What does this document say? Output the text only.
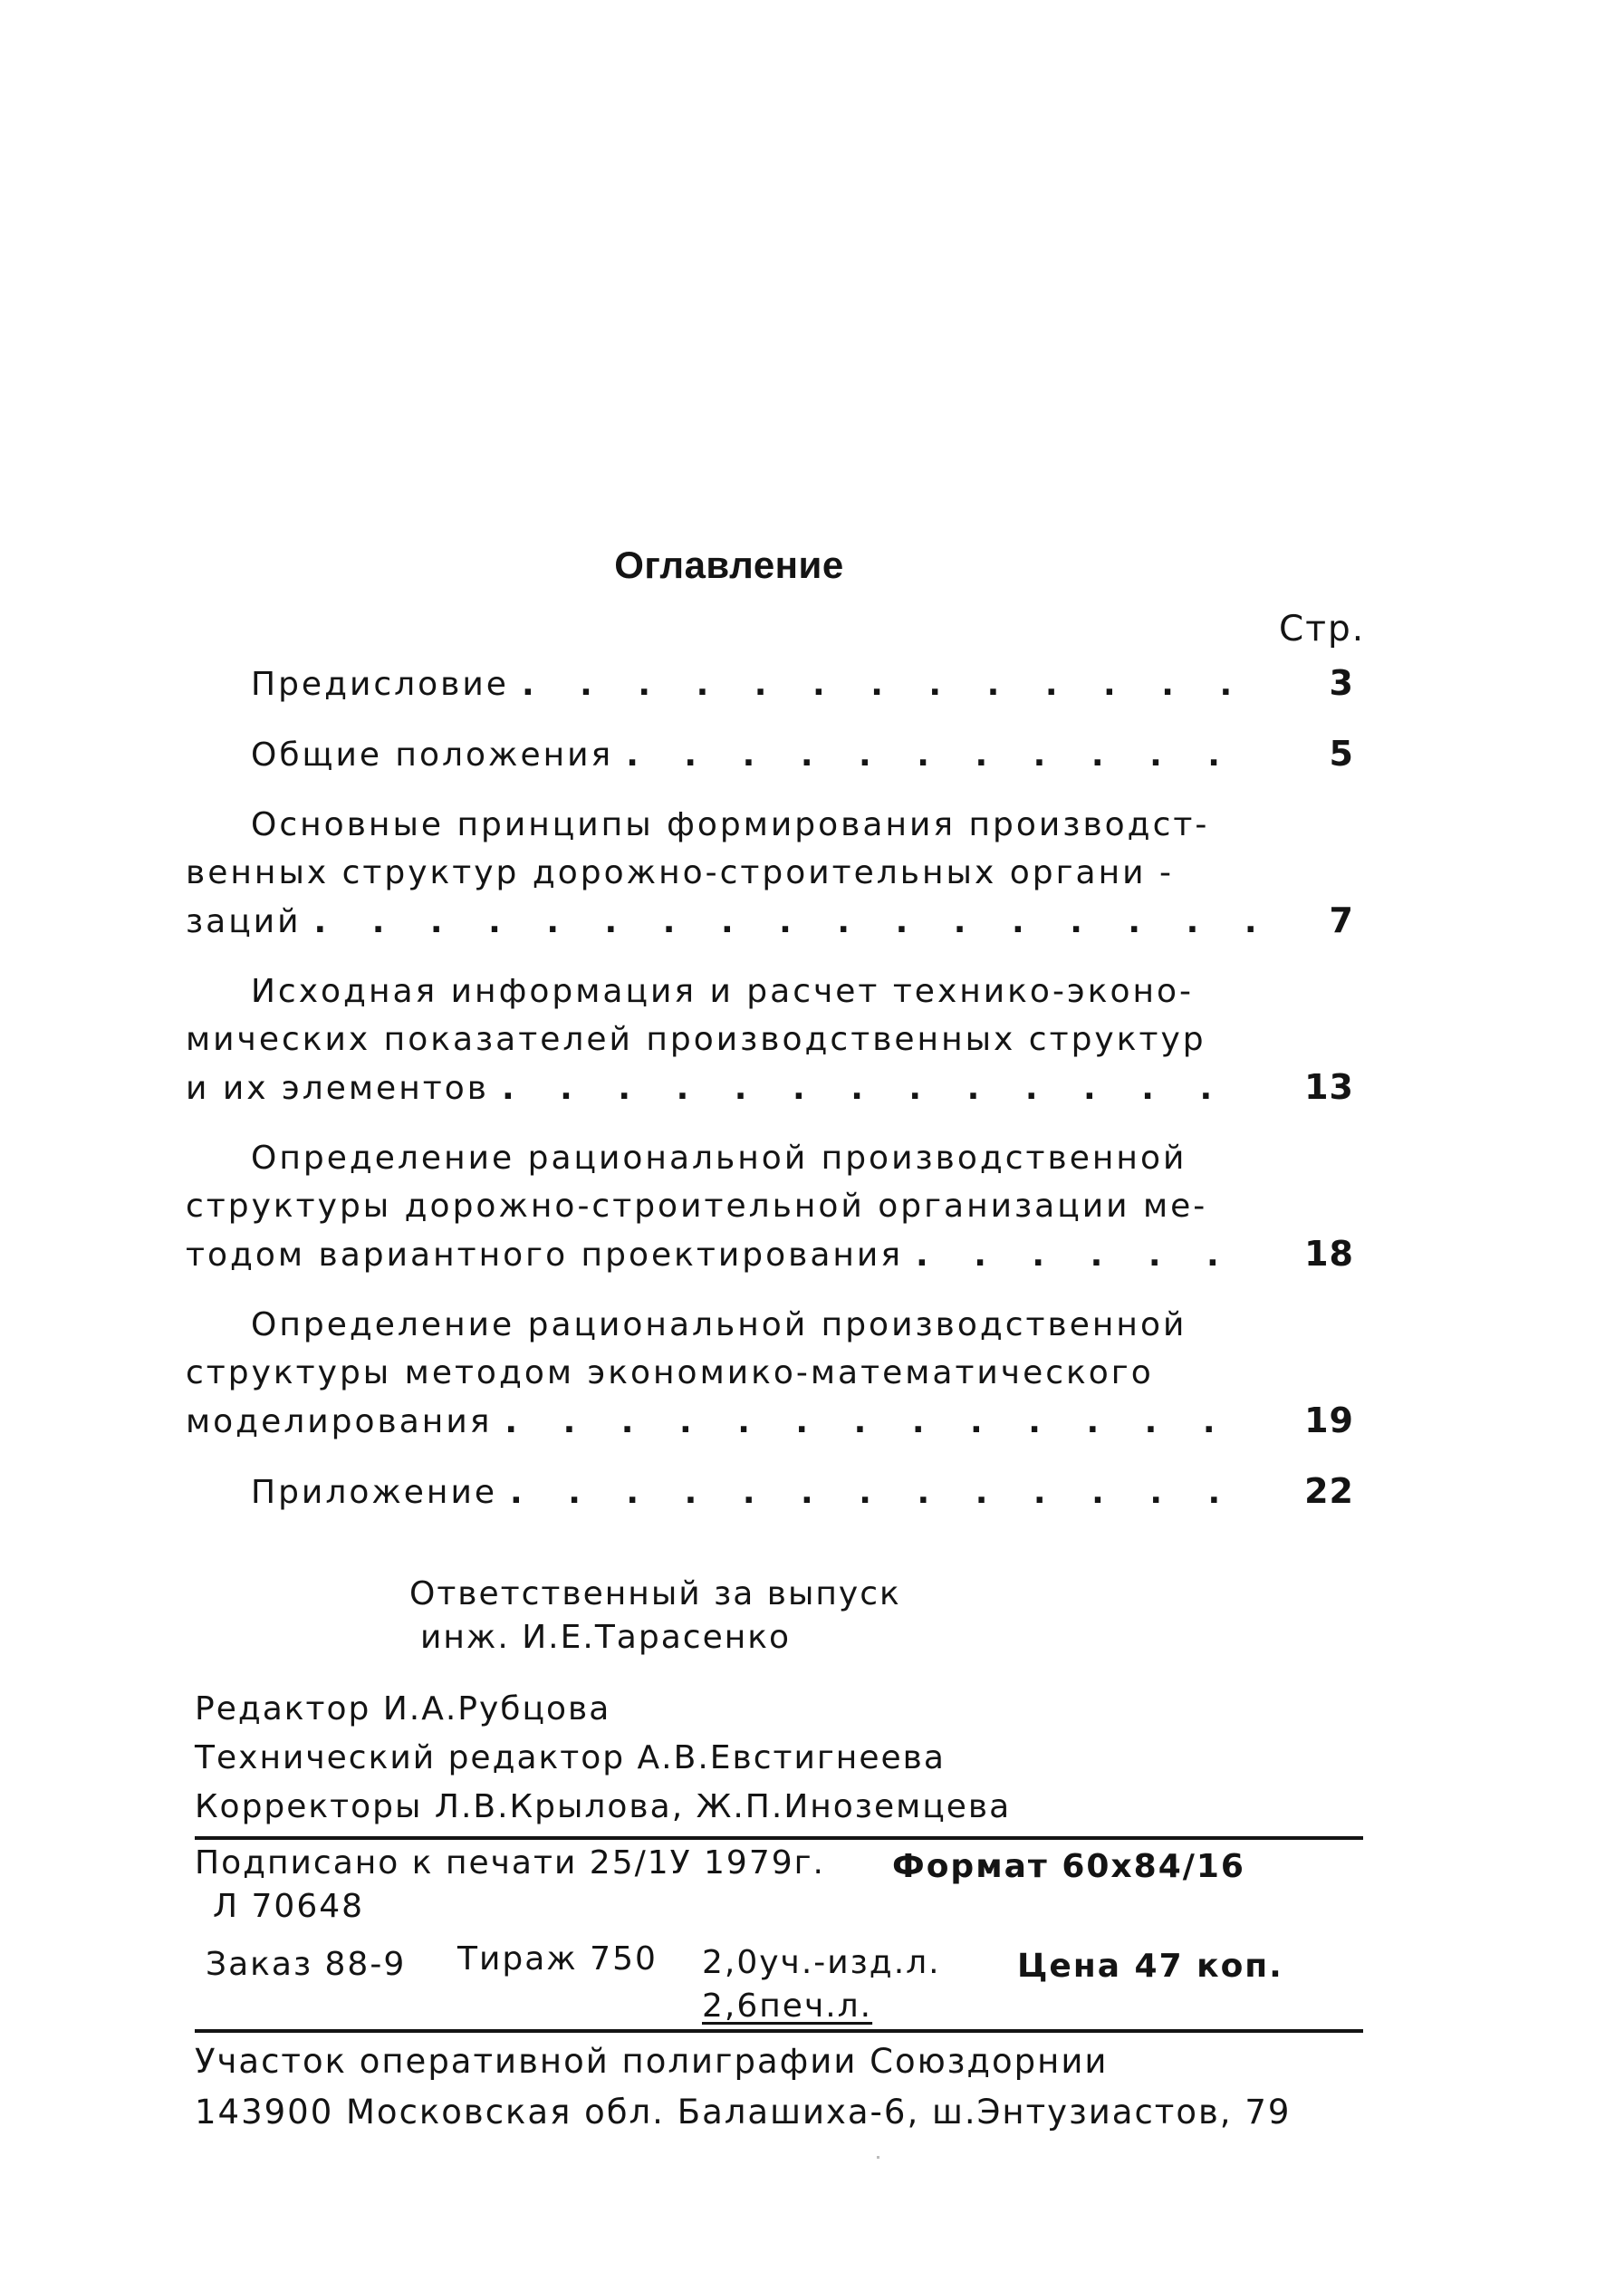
Оглавление
Стр.
Предисловие . . .	3
Общие положения . . .	5
Основные принципы формирования производст-
венных структур дорожно-строительных органи -
заций . . .	7
Исходная информация и расчет технико-эконо-
мических показателей производственных структур
и их элементов . . .	13
Определение рациональной производственной
структуры дорожно-строительной организации ме-
тодом вариантного проектирования . . .	18
Определение рациональной производственной
структуры методом экономико-математического
моделирования . . .	19
Приложение . . .	22
Ответственный за выпуск
инж. И.Е.Тарасенко
Редактор И.А.Рубцова
Технический редактор А.В.Евстигнеева
Корректоры Л.В.Крылова, Ж.П.Иноземцева
Подписано к печати 25/1У 1979г. Формат 60х84/16
Л 70648
Заказ 88-9 Тираж 750 2,0уч.-изд.л. Цена 47 коп.
2,6печ.л.
Участок оперативной полиграфии Союздорнии
143900 Московская обл. Балашиха-6, ш.Энтузиастов, 79
